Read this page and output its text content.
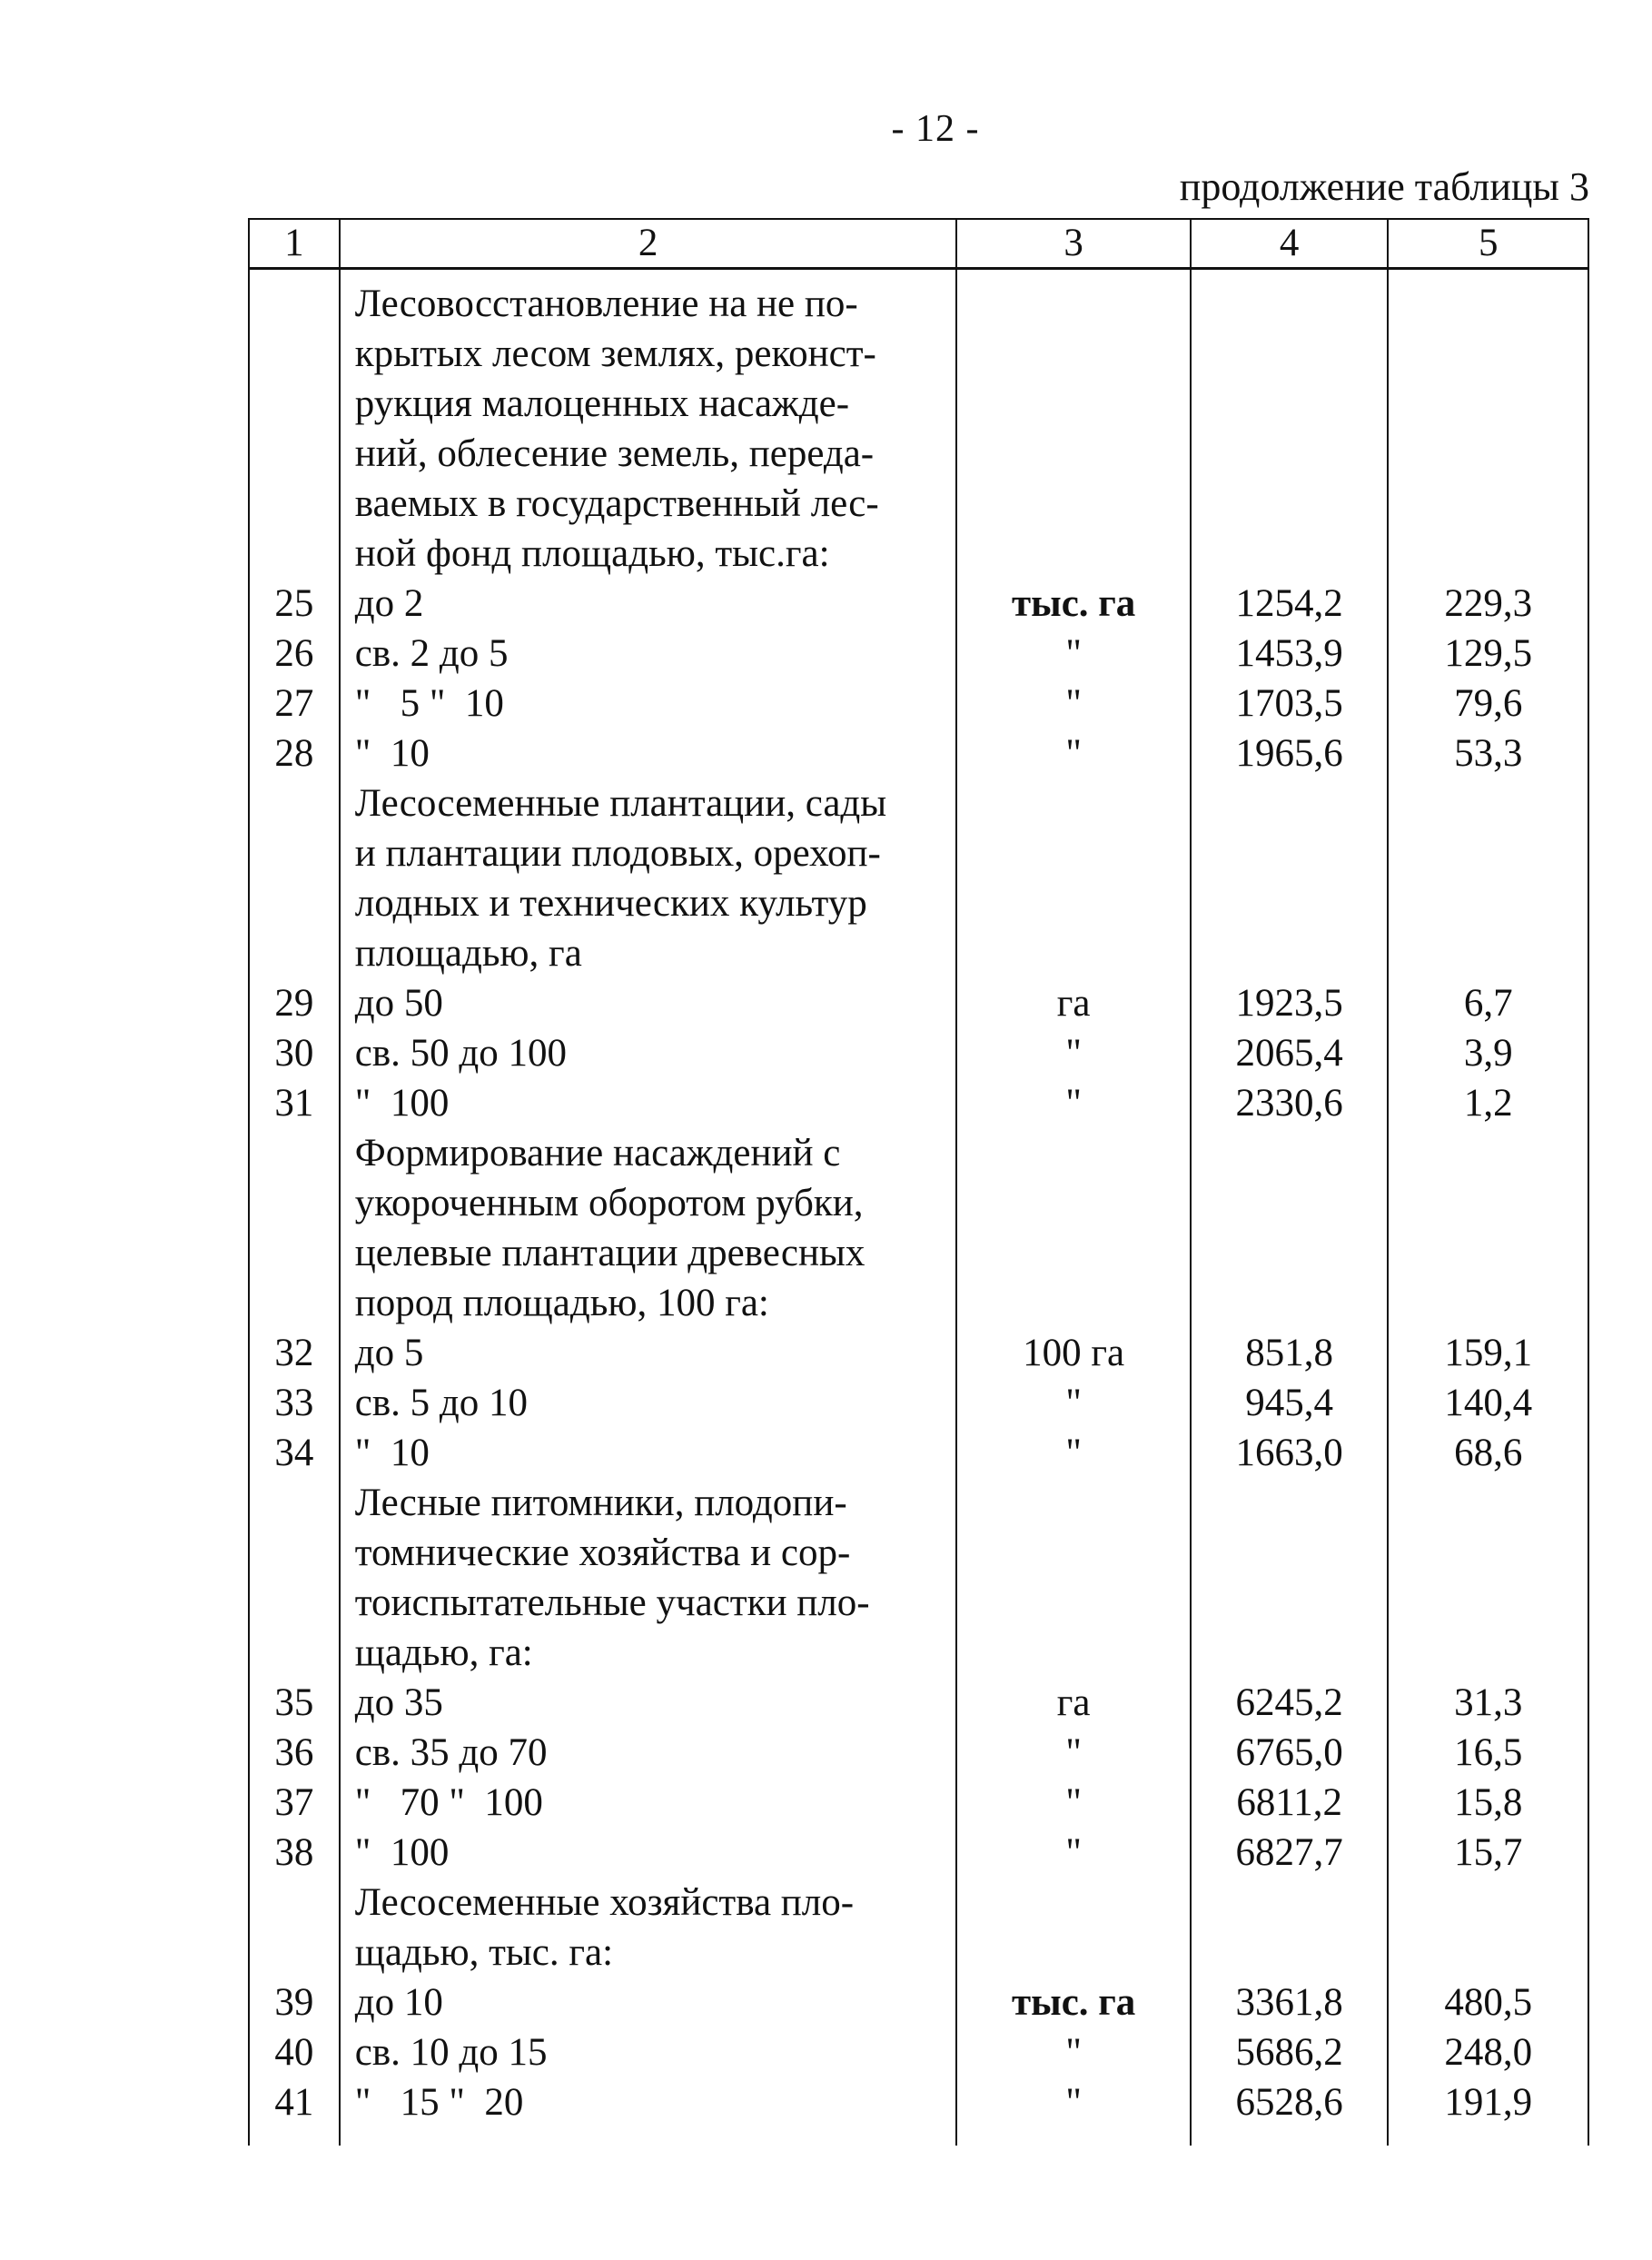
- 12 -
продолжение таблицы 3
1	2	3	4	5

	Лесовосстановление на не по-			
	крытых лесом землях, реконст-			
	рукция малоценных насажде-			
	ний, облесение земель, переда-			
	ваемых в государственный лес-			
	ной фонд площадью, тыс.га:			
25	до 2	тыс. га	1254,2	229,3
26	св. 2 до 5	"	1453,9	129,5
27	"   5 "  10	"	1703,5	79,6
28	"  10	"	1965,6	53,3
	Лесосеменные плантации, сады			
	и плантации плодовых, орехоп-			
	лодных и технических культур			
	площадью, га			
29	до 50	га	1923,5	6,7
30	св. 50 до 100	"	2065,4	3,9
31	"  100	"	2330,6	1,2
	Формирование насаждений с			
	укороченным оборотом рубки,			
	целевые плантации древесных			
	пород площадью, 100 га:			
32	до 5	100 га	851,8	159,1
33	св. 5 до 10	"	945,4	140,4
34	"  10	"	1663,0	68,6
	Лесные питомники, плодопи-			
	томнические хозяйства и сор-			
	тоиспытательные участки пло-			
	щадью, га:			
35	до 35	га	6245,2	31,3
36	св. 35 до 70	"	6765,0	16,5
37	"   70 "  100	"	6811,2	15,8
38	"  100	"	6827,7	15,7
	Лесосеменные хозяйства пло-			
	щадью, тыс. га:			
39	до 10	тыс. га	3361,8	480,5
40	св. 10 до 15	"	5686,2	248,0
41	"   15 "  20	"	6528,6	191,9
